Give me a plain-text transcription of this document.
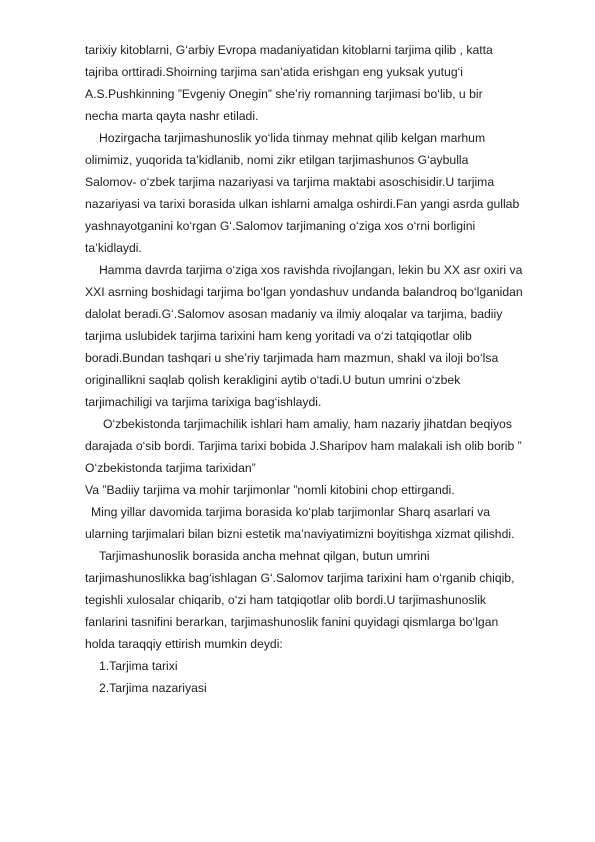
tarixiy kitoblarni, G‘arbiy Evropa madaniyatidan kitoblarni tarjima qilib , katta
tajriba orttiradi.Shoirning tarjima san’atida erishgan eng yuksak yutug‘i
A.S.Pushkinning ”Evgeniy Onegin” she’riy romanning tarjimasi bo‘lib, u bir
necha marta qayta nashr etiladi.
Hozirgacha tarjimashunoslik yo‘lida tinmay mehnat qilib kelgan marhum
olimimiz, yuqorida ta’kidlanib, nomi zikr etilgan tarjimashunos G‘aybulla
Salomov- o‘zbek tarjima nazariyasi va tarjima maktabi asoschisidir.U tarjima
nazariyasi va tarixi borasida ulkan ishlarni amalga oshirdi.Fan yangi asrda gullab
yashnayotganini ko‘rgan G‘.Salomov tarjimaning o‘ziga xos o‘rni borligini
ta’kidlaydi.
Hamma davrda tarjima o‘ziga xos ravishda rivojlangan, lekin bu XX asr oxiri va
XXI asrning boshidagi tarjima bo‘lgan yondashuv undanda balandroq bo‘lganidan
dalolat beradi.G‘.Salomov asosan madaniy va ilmiy aloqalar va tarjima, badiiy
tarjima uslubidek tarjima tarixini ham keng yoritadi va o‘zi tatqiqotlar olib
boradi.Bundan tashqari u she’riy tarjimada ham mazmun, shakl va iloji bo‘lsa
originallikni saqlab qolish kerakligini aytib o‘tadi.U butun umrini o‘zbek
tarjimachiligi va tarjima tarixiga bag‘ishlaydi.
O‘zbekistonda tarjimachilik ishlari ham amaliy, ham nazariy jihatdan beqiyos
darajada o‘sib bordi. Tarjima tarixi bobida J.Sharipov ham malakali ish olib borib ”
O‘zbekistonda tarjima tarixidan”
Va ”Badiiy tarjima va mohir tarjimonlar ”nomli kitobini chop ettirgandi.
Ming yillar davomida tarjima borasida ko‘plab tarjimonlar Sharq asarlari va
ularning tarjimalari bilan bizni estetik ma’naviyatimizni boyitishga xizmat qilishdi.
Tarjimashunoslik borasida ancha mehnat qilgan, butun umrini
tarjimashunoslikka bag‘ishlagan G‘.Salomov tarjima tarixini ham o‘rganib chiqib,
tegishli xulosalar chiqarib, o‘zi ham tatqiqotlar olib bordi.U tarjimashunoslik
fanlarini tasnifini berarkan, tarjimashunoslik fanini quyidagi qismlarga bo‘lgan
holda taraqqiy ettirish mumkin deydi:
1.Tarjima tarixi
2.Tarjima nazariyasi
